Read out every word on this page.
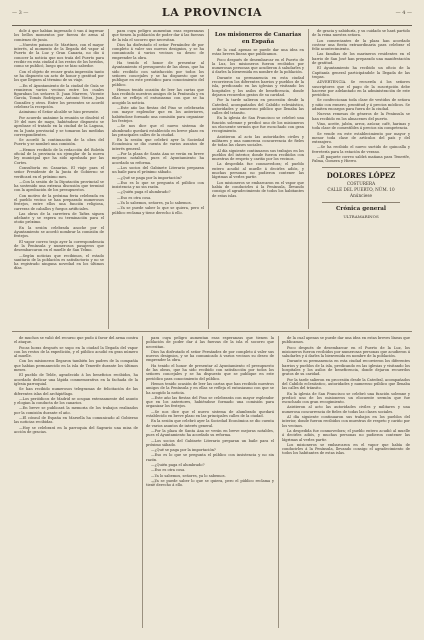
— 3 —	LA PROVINCIA	— 4 —

dole á que habían ingresado ó van á ingresar los bellos momentos por fuerza de arma al comienzo de junio.

—Nuestro paisano Sr. Martínez, con el mayor interés, al momento de la llegada del vapor al Puerto de la Luz y Gran Canaria, no dio á conocer la noticia que nos traía del Puerto para recibir en esta ciudad á los restos de los heridos, como se publicó, luego que se hizo sabedor.

Con el objeto de recaer grata impresión tanto se ha dispuesto un acto de honor y gratitud por los que lleguen al término de su viaje.

—En el Ayuntamiento de la ciudad de Guía se reunieron varios vecinos entre los cuales figuraban los señores D. Juan Marrero, Vicente García, Tomás Rodríguez, Antonio Vieira, Juan González y otros. Entre los presentes se acordó celebrar la recepción.

Asimismo el Señor alcalde se hizo presente.

Por acuerdo unánime la reunión se disolvió el 19 del mes de mayo, habiéndose dispuesto se aprobase el tratado en la ciudad de la Laguna, en la Junta provincial y se tomaron las medidas correspondientes.

Se acordó la continuación de la obra del Puerto y se nombró una comisión.

—Hemos recibido de la redacción del Boletín oficial de la provincia un ejemplar de la nueva ley municipal que ha sido aprobada por las Cortes.

Consultoría en Canarias. El viaje para el señor Presidente de la Junta de Gobierno se verificará en el próximo mes.

—Con la sesión de la Diputación provincial se ha sostenido una extensa discusión que terminó con la aprobación de los presupuestos.

Con motivo de la próxima feria celebrada en el pueblo vecino se han preparado numerosos festejos, entre ellos una función religiosa, carreras de caballos y fuegos artificiales.

Las obras de la carretera de Tafira siguen adelante y se espera su terminación para el otoño próximo.

En la sesión celebrada anoche por el Ayuntamiento se acordó nombrar la comisión de festejos.

El vapor correo trajo ayer la correspondencia de la Península y numerosos pasajeros que desembarcaron en el muelle de San Telmo.

—Según noticias que recibimos, el estado sanitario de la población es satisfactorio y no se ha registrado ninguna novedad en los últimos días.

para cuya peligro aumentan esas esperanzas que tienen la población de poder dar á las fuerzas de la isla el socorro que necesitan.

Dios ha disfrutado el señor Fernández de por completo á valer sus nuevos designios, y se ha comunicado á varios vecinos su deseo de emprender la obra.

Ha tenido el honor de presentar al Ayuntamiento el presupuesto de las obras, que ha sido recibido con satisfacción por todos los señores concejales y se ha dispuesto que se publique en este periódico para conocimiento del público.

Hemos tenido ocasión de leer las cartas que han recibido nuestros amigos de la Península y en ellas se refleja el entusiasmo con que se ha acogido la noticia.

—Este año las fiestas del Pino se celebrarán con mayor esplendor que en los anteriores, habiéndose formado una comisión para organizar los festejos.

—Se nos dice que el nuevo sistema de alumbrado quedará establecido en breve plazo en las principales calles de la ciudad.

En la sesión que celebró ayer la Sociedad Económica se dio cuenta de varios asuntos de interés general.

—Por la plaza de Santa Ana se verán en breve mejoras notables, pues el Ayuntamiento ha acordado su reforma.

—Los socios del Gabinete Literario preparan un baile para el próximo sábado.

—¿Qué se paga por la importación?

—Eso es lo que se pregunta el público con insistencia y no sin razón.

—¿Quién paga el alumbrado?

—Eso es otra cosa.

—Ya lo sabemos, señores, ya lo sabemos.

—Ya se puede saber lo que se quiera, pero el público reclama y tiene derecho á ello.

Los misioneros de Canarias en España

de la cual apenas se puede dar una idea en estas breves líneas que publicamos.

Poco después de desembarcar en el Puerto de la Luz, los misioneros fueron recibidos por numerosas personas que acudieron á saludarles y á darles la bienvenida en nombre de la población.

Durante su permanencia en esta ciudad recorrieron los diferentes barrios y pueblos de la isla, predicando en las iglesias y visitando los hospitales y los asilos de beneficencia, donde dejaron recuerdos gratos de su caridad.

Por la tarde salieron en procesión desde la Catedral, acompañados del Cabildo eclesiástico, autoridades y numeroso público que llenaba las calles del tránsito.

En la iglesia de San Francisco se celebró una función solemne y predicó uno de los misioneros un elocuente sermón que fue escuchado con gran recogimiento.

Asistieron al acto las autoridades civiles y militares y una numerosa concurrencia de fieles de todas las clases sociales.

Al día siguiente continuaron sus trabajos en los pueblos del interior, donde fueron recibidos con muestras de respeto y cariño por los vecinos.

La despedida fue conmovedora; el pueblo entero acudió al muelle á decirles adiós, y muchas personas no pudieron contener las lágrimas al verles partir.

Los misioneros se embarcaron en el vapor que había de conducirles á la Península, llevando consigo el agradecimiento de todos los habitantes de estas islas.

de gracia y sabiduría, y su cuidado se hará partido de la reina nuestra señora.

Los comerciantes de la plaza han acordado costear una fiesta extraordinaria para celebrar el feliz acontecimiento.

Las familias de los marineros residentes en el barrio de San José han preparado una manifestación de gratitud.

El Ayuntamiento ha recibido un oficio de la Capitanía general participándole la llegada de las tropas.

ADVERTENCIA. Se recuerda á los señores suscriptores que el pago de la suscripción debe hacerse por adelantado en la administración de este periódico.

Se confeccionan toda clase de vestidos de señora y niño con esmero, prontitud y á precios módicos. Se admiten encargos para fuera de la ciudad.

Nuevas remesas de géneros de la Península se han recibido en los almacenes del puerto.

Vino, aceite, jabón, arroz, azúcar, café, harinas y toda clase de comestibles á precios sin competencia.

Se vende en este establecimiento por mayor y menor toda clase de artículos del país y del extranjero.

—Se ha recibido el nuevo surtido de quincalla y ferretería para la estación de verano.

—El paquete correo saldrá mañana para Tenerife, Palma, Gomera y Hierro.

DOLORES LÓPEZ
COSTURERA
CALLE DEL PUERTO, NÚM. 10
Anúnciese
Crónica general
ULTRAMARINOS

de muchos se valió del recurso que pudo á favor del arma contra el ataque.

Pocas horas después se supo en la ciudad la llegada del vapor con los restos de la expedición, y el público acudió en gran número al muelle.

Con los misioneros llegaron también los padres de la compañía que habían permanecido en la isla de Tenerife durante los últimos meses.

El pueblo de Telde, agradecido á los beneficios recibidos, ha acordado dedicar una lápida conmemorativa en la fachada de la iglesia parroquial.

Se han recibido numerosos telegramas de felicitación de las diferentes islas del archipiélago.

—Los periódicos de Madrid se ocupan extensamente del asunto y elogian la conducta de los canarios.

—En breve se publicará la memoria de los trabajos realizados por la comisión durante el año.

—El cónsul de España en Marsella ha comunicado al Gobierno las noticias recibidas.

—Hoy se celebrará en la parroquia del Sagrario una misa de acción de gracias.

para cuya peligro aumentan esas esperanzas que tienen la población de poder dar á las fuerzas de la isla el socorro que necesitan.

Dios ha disfrutado el señor Fernández de por completo á valer sus nuevos designios, y se ha comunicado á varios vecinos su deseo de emprender la obra.

Ha tenido el honor de presentar al Ayuntamiento el presupuesto de las obras, que ha sido recibido con satisfacción por todos los señores concejales y se ha dispuesto que se publique en este periódico para conocimiento del público.

Hemos tenido ocasión de leer las cartas que han recibido nuestros amigos de la Península y en ellas se refleja el entusiasmo con que se ha acogido la noticia.

—Este año las fiestas del Pino se celebrarán con mayor esplendor que en los anteriores, habiéndose formado una comisión para organizar los festejos.

—Se nos dice que el nuevo sistema de alumbrado quedará establecido en breve plazo en las principales calles de la ciudad.

En la sesión que celebró ayer la Sociedad Económica se dio cuenta de varios asuntos de interés general.

—Por la plaza de Santa Ana se verán en breve mejoras notables, pues el Ayuntamiento ha acordado su reforma.

—Los socios del Gabinete Literario preparan un baile para el próximo sábado.

—¿Qué se paga por la importación?

—Eso es lo que se pregunta el público con insistencia y no sin razón.

—¿Quién paga el alumbrado?

—Eso es otra cosa.

—Ya lo sabemos, señores, ya lo sabemos.

—Ya se puede saber lo que se quiera, pero el público reclama y tiene derecho á ello.

de la cual apenas se puede dar una idea en estas breves líneas que publicamos.

Poco después de desembarcar en el Puerto de la Luz, los misioneros fueron recibidos por numerosas personas que acudieron á saludarles y á darles la bienvenida en nombre de la población.

Durante su permanencia en esta ciudad recorrieron los diferentes barrios y pueblos de la isla, predicando en las iglesias y visitando los hospitales y los asilos de beneficencia, donde dejaron recuerdos gratos de su caridad.

Por la tarde salieron en procesión desde la Catedral, acompañados del Cabildo eclesiástico, autoridades y numeroso público que llenaba las calles del tránsito.

En la iglesia de San Francisco se celebró una función solemne y predicó uno de los misioneros un elocuente sermón que fue escuchado con gran recogimiento.

Asistieron al acto las autoridades civiles y militares y una numerosa concurrencia de fieles de todas las clases sociales.

Al día siguiente continuaron sus trabajos en los pueblos del interior, donde fueron recibidos con muestras de respeto y cariño por los vecinos.

La despedida fue conmovedora; el pueblo entero acudió al muelle á decirles adiós, y muchas personas no pudieron contener las lágrimas al verles partir.

Los misioneros se embarcaron en el vapor que había de conducirles á la Península, llevando consigo el agradecimiento de todos los habitantes de estas islas.

·
